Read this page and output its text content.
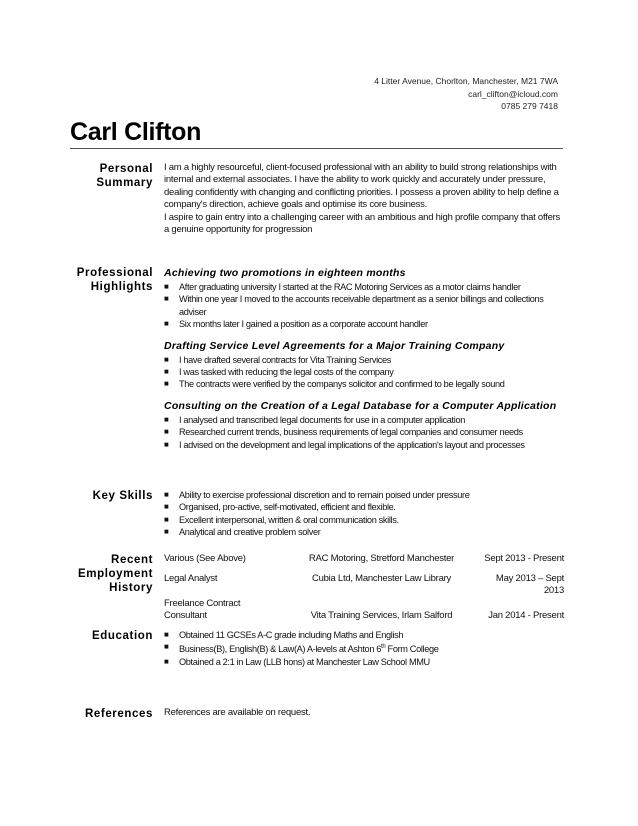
4 Litter Avenue, Chorlton, Manchester, M21 7WA
carl_clifton@icloud.com
0785 279 7418
Carl Clifton
Personal
Summary

I am a highly resourceful, client-focused professional with an ability to build strong relationships with internal and external associates. I have the ability to work quickly and accurately under pressure, dealing confidently with changing and conflicting priorities. I possess a proven ability to help define a company's direction, achieve goals and optimise its core business.

I aspire to gain entry into a challenging career with an ambitious and high profile company that offers a genuine opportunity for progression

Professional
Highlights
Achieving two promotions in eighteen months
■ After graduating university I started at the RAC Motoring Services as a motor claims handler
■ Within one year I moved to the accounts receivable department as a senior billings and collections adviser
■ Six months later I gained a position as a corporate account handler
Drafting Service Level Agreements for a Major Training Company
■ I have drafted several contracts for Vita Training Services
■ I was tasked with reducing the legal costs of the company
■ The contracts were verified by the companys solicitor and confirmed to be legally sound
Consulting on the Creation of a Legal Database for a Computer Application
■ I analysed and transcribed legal documents for use in a computer application
■ Researched current trends, business requirements of legal companies and consumer needs
■ I advised on the development and legal implications of the application's layout and processes
Key Skills ■ Ability to exercise professional discretion and to remain poised under pressure
■ Organised, pro-active, self-motivated, efficient and flexible.
■ Excellent interpersonal, written & oral communication skills.
■ Analytical and creative problem solver
Recent
Employment
History
Various (See Above)	RAC Motoring, Stretford Manchester	Sept 2013 - Present
Legal Analyst	Cubia Ltd, Manchester Law Library	May 2013 – Sept 2013
Freelance Contract
Consultant	Vita Training Services, Irlam Salford	Jan 2014 - Present
Education ■ Obtained 11 GCSEs A-C grade including Maths and English
■ Business(B), English(B) & Law(A) A-levels at Ashton 6th Form College
■ Obtained a 2:1 in Law (LLB hons) at Manchester Law School MMU
References References are available on request.
